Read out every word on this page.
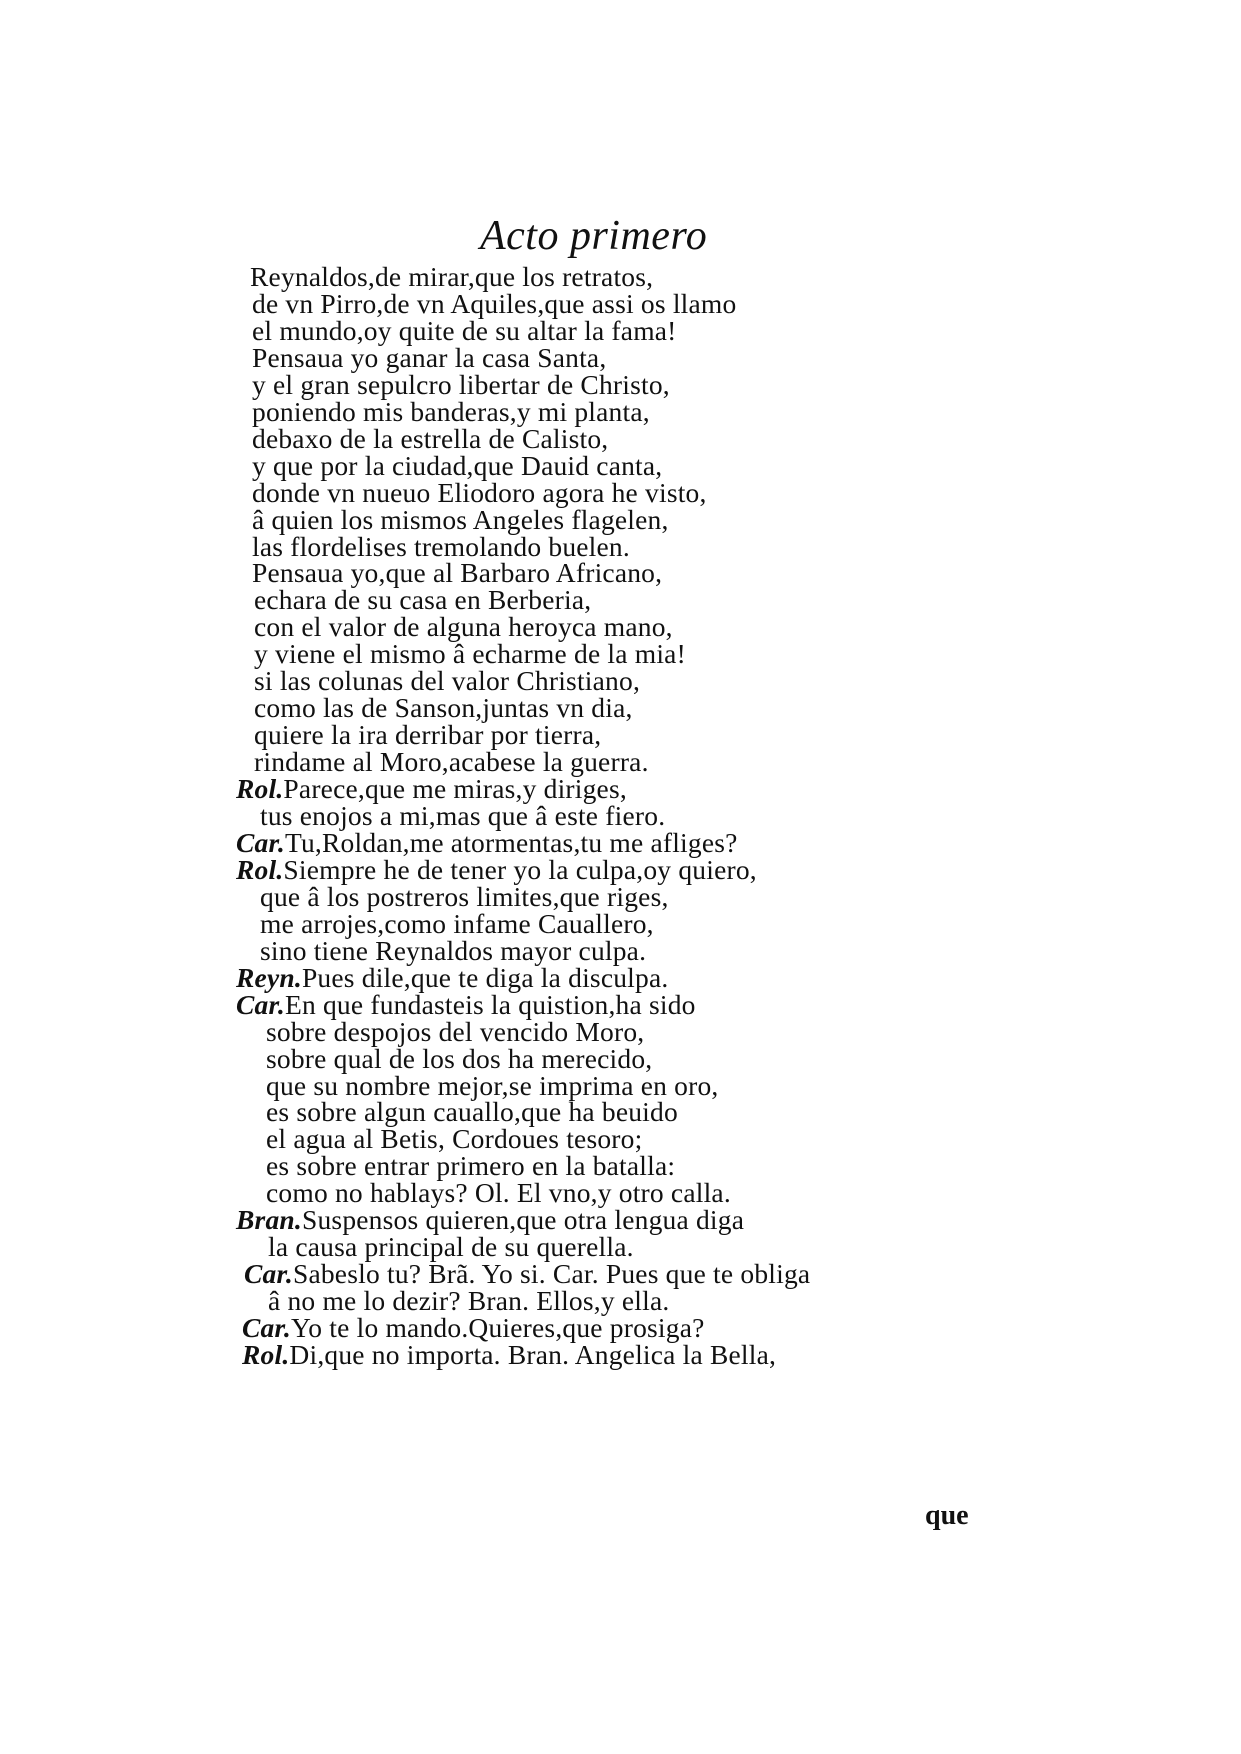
Acto primero
Reynaldos,de mirar,que los retratos,
de vn Pirro,de vn Aquiles,que assi os llamo
el mundo,oy quite de su altar la fama!
Pensaua yo ganar la casa Santa,
y el gran sepulcro libertar de Christo,
poniendo mis banderas,y mi planta,
debaxo de la estrella de Calisto,
y que por la ciudad,que Dauid canta,
donde vn nueuo Eliodoro agora he visto,
â quien los mismos Angeles flagelen,
las flordelises tremolando buelen.
Pensaua yo,que al Barbaro Africano,
echara de su casa en Berberia,
con el valor de alguna heroyca mano,
y viene el mismo â echarme de la mia!
si las colunas del valor Christiano,
como las de Sanson,juntas vn dia,
quiere la ira derribar por tierra,
rindame al Moro,acabese la guerra.
Rol.Parece,que me miras,y diriges,
tus enojos a mi,mas que â este fiero.
Car.Tu,Roldan,me atormentas,tu me afliges?
Rol.Siempre he de tener yo la culpa,oy quiero,
que â los postreros limites,que riges,
me arrojes,como infame Cauallero,
sino tiene Reynaldos mayor culpa.
Reyn.Pues dile,que te diga la disculpa.
Car.En que fundasteis la quistion,ha sido
sobre despojos del vencido Moro,
sobre qual de los dos ha merecido,
que su nombre mejor,se imprima en oro,
es sobre algun cauallo,que ha beuido
el agua al Betis, Cordoues tesoro;
es sobre entrar primero en la batalla:
como no hablays? Ol. El vno,y otro calla.
Bran.Suspensos quieren,que otra lengua diga
la causa principal de su querella.
Car.Sabeslo tu? Brã. Yo si. Car. Pues que te obliga
â no me lo dezir? Bran. Ellos,y ella.
Car.Yo te lo mando.Quieres,que prosiga?
Rol.Di,que no importa. Bran. Angelica la Bella,
que
